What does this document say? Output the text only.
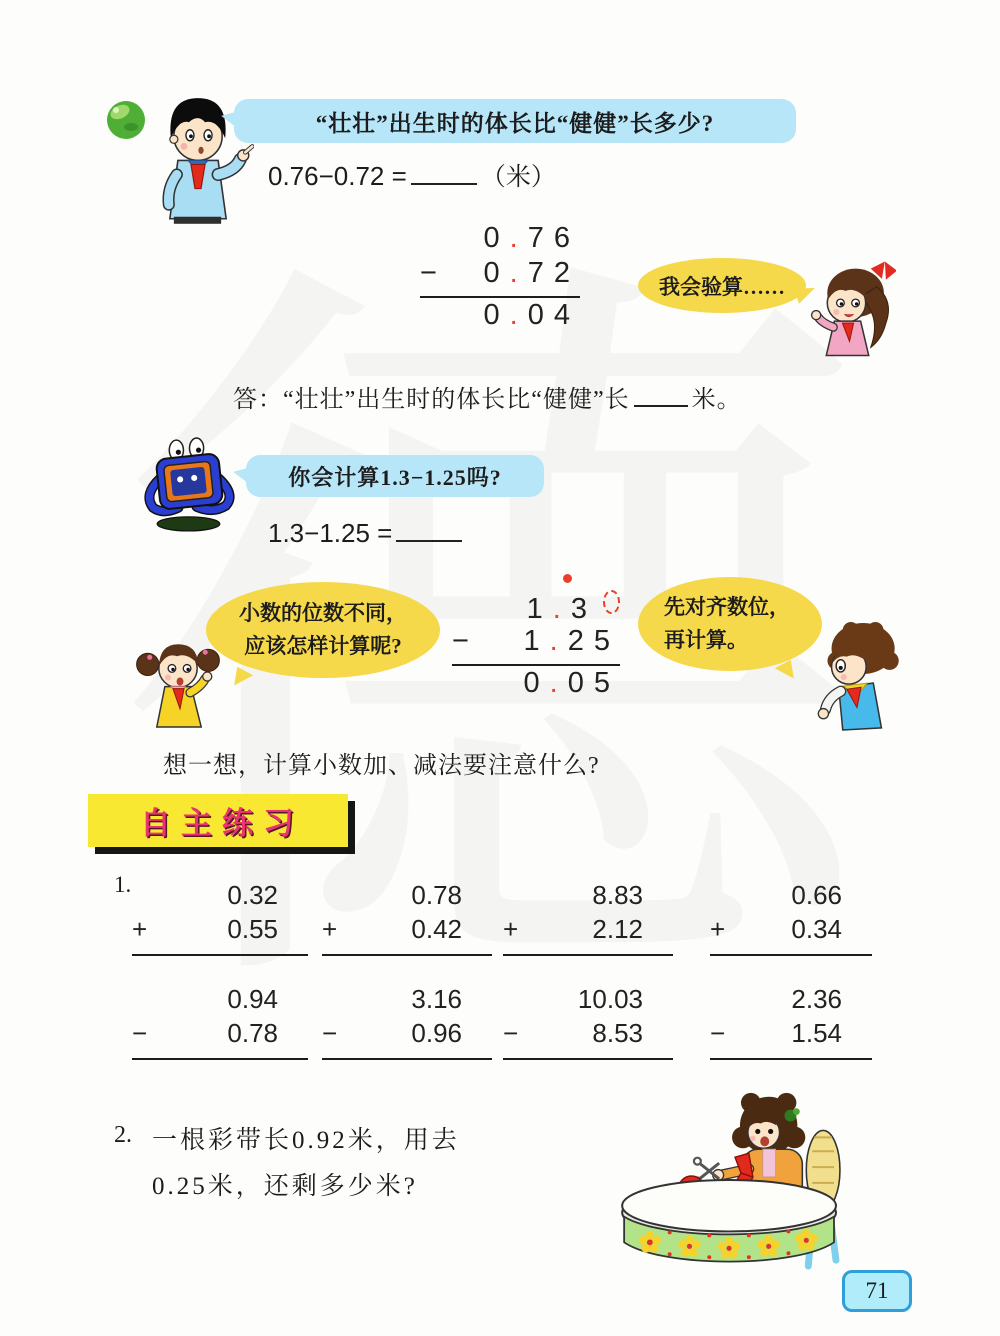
“壮壮”出生时的体长比“健健”长多少?
0.76−0.72 =	（米）
0.76
−	0.72
0.04
我会验算……
答：“壮壮”出生时的体长比“健健”长	米。
你会计算1.3−1.25吗?
1.3−1.25 =
小数的位数不同，
应该怎样计算呢?
1.3
−	1.25
0.05
先对齐数位，
再计算。
想一想，计算小数加、减法要注意什么?
自主练习
1.	0.32
+	0.55
0.78
+	0.42
8.83
+	2.12
0.66
+	0.34
0.94
−	0.78
3.16
−	0.96
10.03
−	8.53
2.36
−	1.54
2. 一根彩带长0.92米，用去
0.25米，还剩多少米?
71
